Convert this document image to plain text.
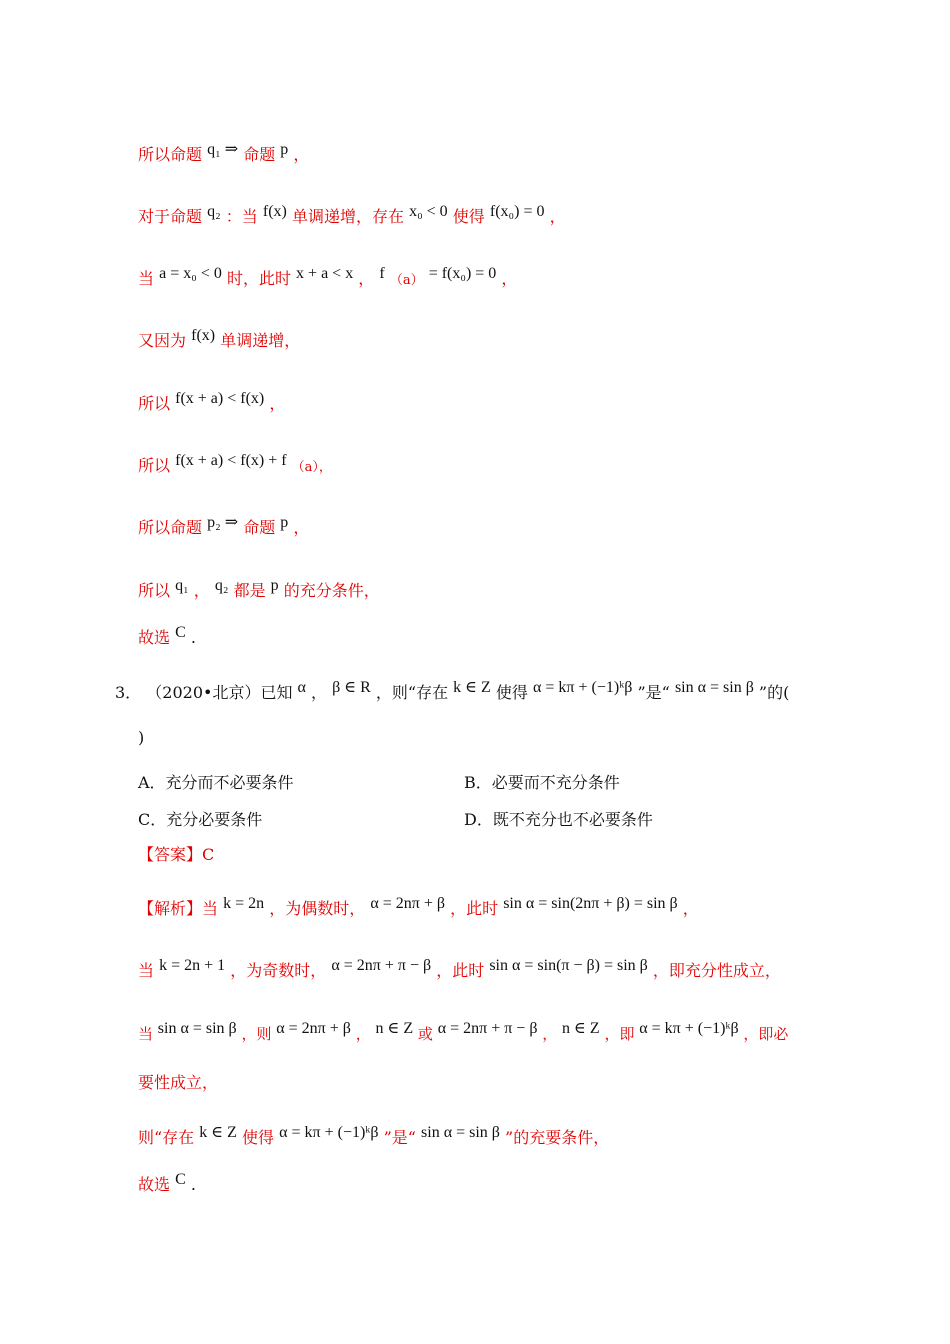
所以命题 q₁ ⇒ 命题 p ，
对于命题 q₂ ：当 f(x) 单调递增，存在 x₀ < 0 使得 f(x₀) = 0 ，
当 a = x₀ < 0 时，此时 x + a < x ， f （a） = f(x₀) = 0 ，
又因为 f(x) 单调递增，
所以 f(x + a) < f(x) ，
所以 f(x + a) < f(x) + f （a），
所以命题 p₂ ⇒ 命题 p ，
所以 q₁ ， q₂ 都是 p 的充分条件，
故选 C .
3． （2020•北京）已知 α ， β ∈ R ，则“存在 k ∈ Z 使得 α = kπ + (−1)ᵏβ ”是“ sin α = sin β ”的(
)
A．充分而不必要条件	B．必要而不充分条件
C．充分必要条件	D．既不充分也不必要条件
【答案】C
【解析】当 k = 2n ，为偶数时， α = 2nπ + β ，此时 sin α = sin(2nπ + β) = sin β ，
当 k = 2n + 1 ，为奇数时， α = 2nπ + π − β ，此时 sin α = sin(π − β) = sin β ，即充分性成立，
当 sin α = sin β ，则 α = 2nπ + β ， n ∈ Z 或 α = 2nπ + π − β ， n ∈ Z ，即 α = kπ + (−1)ᵏβ ，即必
要性成立，
则“存在 k ∈ Z 使得 α = kπ + (−1)ᵏβ ”是“ sin α = sin β ”的充要条件，
故选 C .
